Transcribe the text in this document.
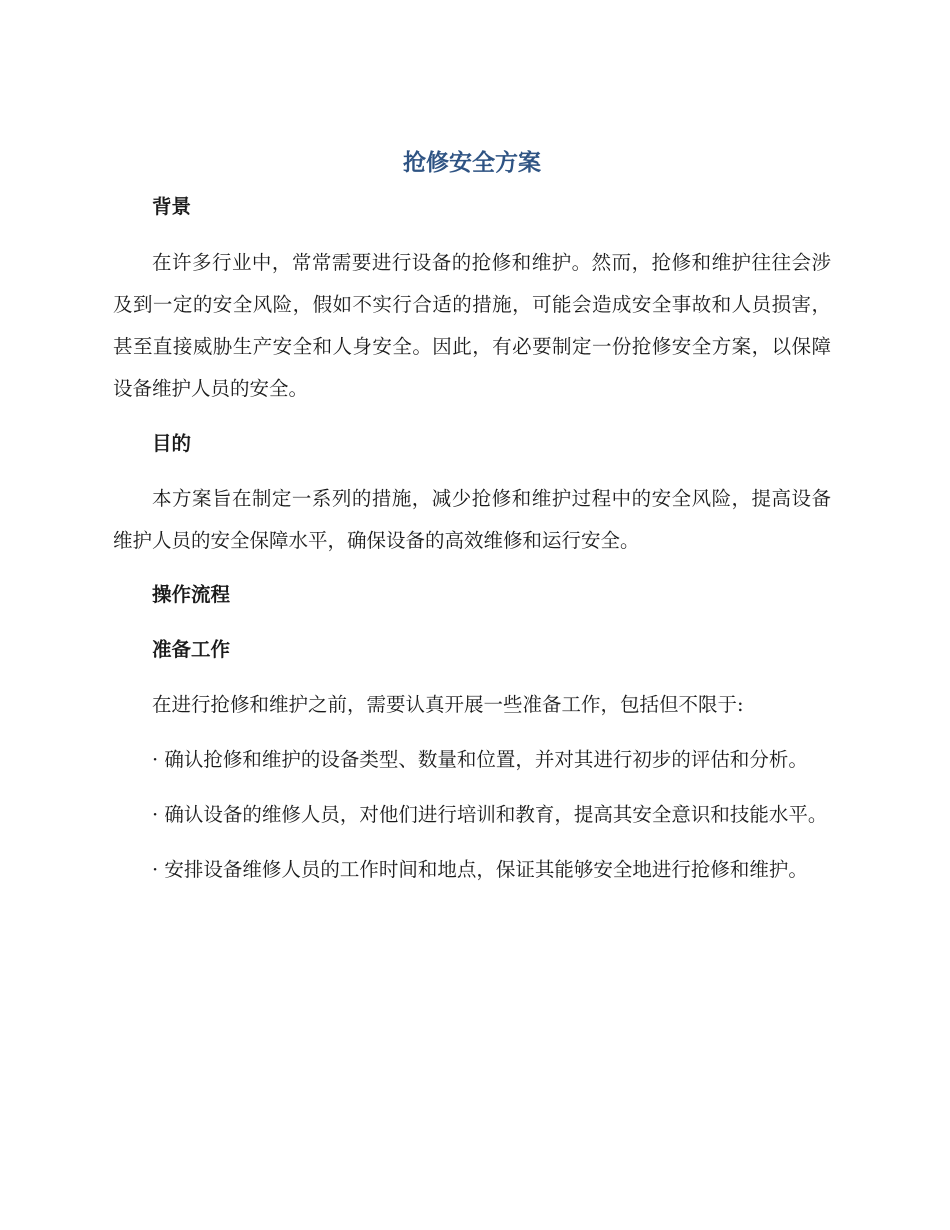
抢修安全方案
背景

在许多行业中，常常需要进行设备的抢修和维护。然而，抢修和维护往往会涉及到一定的安全风险，假如不实行合适的措施，可能会造成安全事故和人员损害，甚至直接威胁生产安全和人身安全。因此，有必要制定一份抢修安全方案，以保障设备维护人员的安全。

目的

本方案旨在制定一系列的措施，减少抢修和维护过程中的安全风险，提高设备维护人员的安全保障水平，确保设备的高效维修和运行安全。

操作流程
准备工作

在进行抢修和维护之前，需要认真开展一些准备工作，包括但不限于:

· 确认抢修和维护的设备类型、数量和位置，并对其进行初步的评估和分析。

· 确认设备的维修人员，对他们进行培训和教育，提高其安全意识和技能水平。

· 安排设备维修人员的工作时间和地点，保证其能够安全地进行抢修和维护。
